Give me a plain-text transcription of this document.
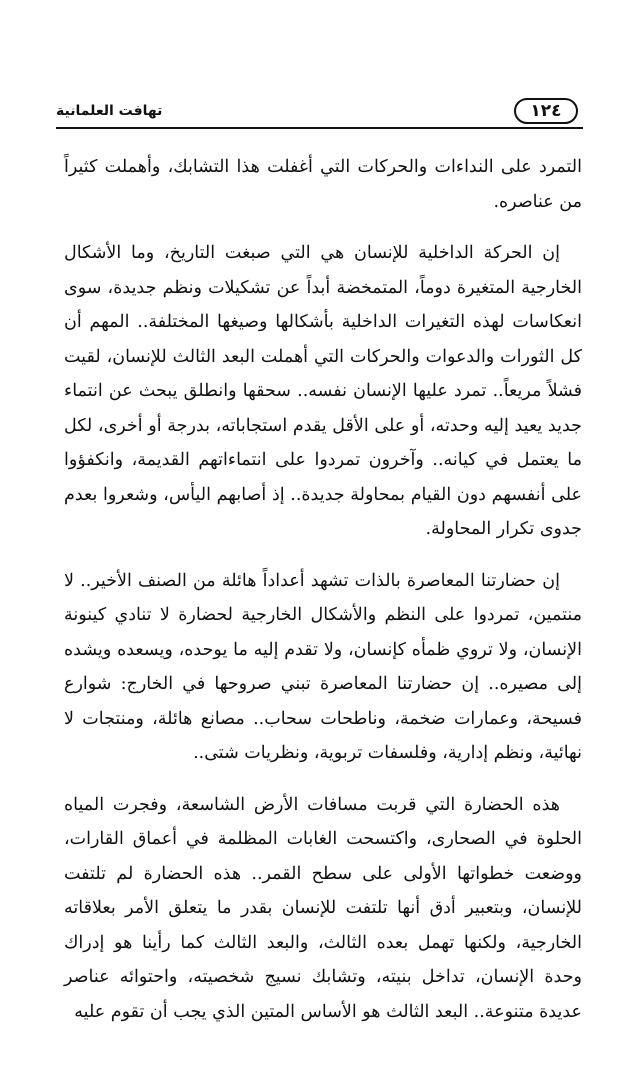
١٢٤
تهافت العلمانية

التمرد على النداءات والحركات التي أغفلت هذا التشابك، وأهملت كثيراً من عناصره.

إن الحركة الداخلية للإنسان هي التي صبغت التاريخ، وما الأشكال الخارجية المتغيرة دوماً، المتمخضة أبداً عن تشكيلات ونظم جديدة، سوى انعكاسات لهذه التغيرات الداخلية بأشكالها وصيغها المختلفة.. المهم أن كل الثورات والدعوات والحركات التي أهملت البعد الثالث للإنسان، لقيت فشلاً مريعاً.. تمرد عليها الإنسان نفسه.. سحقها وانطلق يبحث عن انتماء جديد يعيد إليه وحدته، أو على الأقل يقدم استجاباته، بدرجة أو أخرى، لكل ما يعتمل في كيانه.. وآخرون تمردوا على انتماءاتهم القديمة، وانكفؤوا على أنفسهم دون القيام بمحاولة جديدة.. إذ أصابهم اليأس، وشعروا بعدم جدوى تكرار المحاولة.

إن حضارتنا المعاصرة بالذات تشهد أعداداً هائلة من الصنف الأخير.. لا منتمين، تمردوا على النظم والأشكال الخارجية لحضارة لا تنادي كينونة الإنسان، ولا تروي ظمأه كإنسان، ولا تقدم إليه ما يوحده، ويسعده ويشده إلى مصيره.. إن حضارتنا المعاصرة تبني صروحها في الخارج: شوارع فسيحة، وعمارات ضخمة، وناطحات سحاب.. مصانع هائلة، ومنتجات لا نهائية، ونظم إدارية، وفلسفات تربوية، ونظريات شتى..

هذه الحضارة التي قربت مسافات الأرض الشاسعة، وفجرت المياه الحلوة في الصحارى، واكتسحت الغابات المظلمة في أعماق القارات، ووضعت خطواتها الأولى على سطح القمر.. هذه الحضارة لم تلتفت للإنسان، وبتعبير أدق أنها تلتفت للإنسان بقدر ما يتعلق الأمر بعلاقاته الخارجية، ولكنها تهمل بعده الثالث، والبعد الثالث كما رأينا هو إدراك وحدة الإنسان، تداخل بنيته، وتشابك نسيج شخصيته، واحتوائه عناصر عديدة متنوعة.. البعد الثالث هو الأساس المتين الذي يجب أن تقوم عليه
